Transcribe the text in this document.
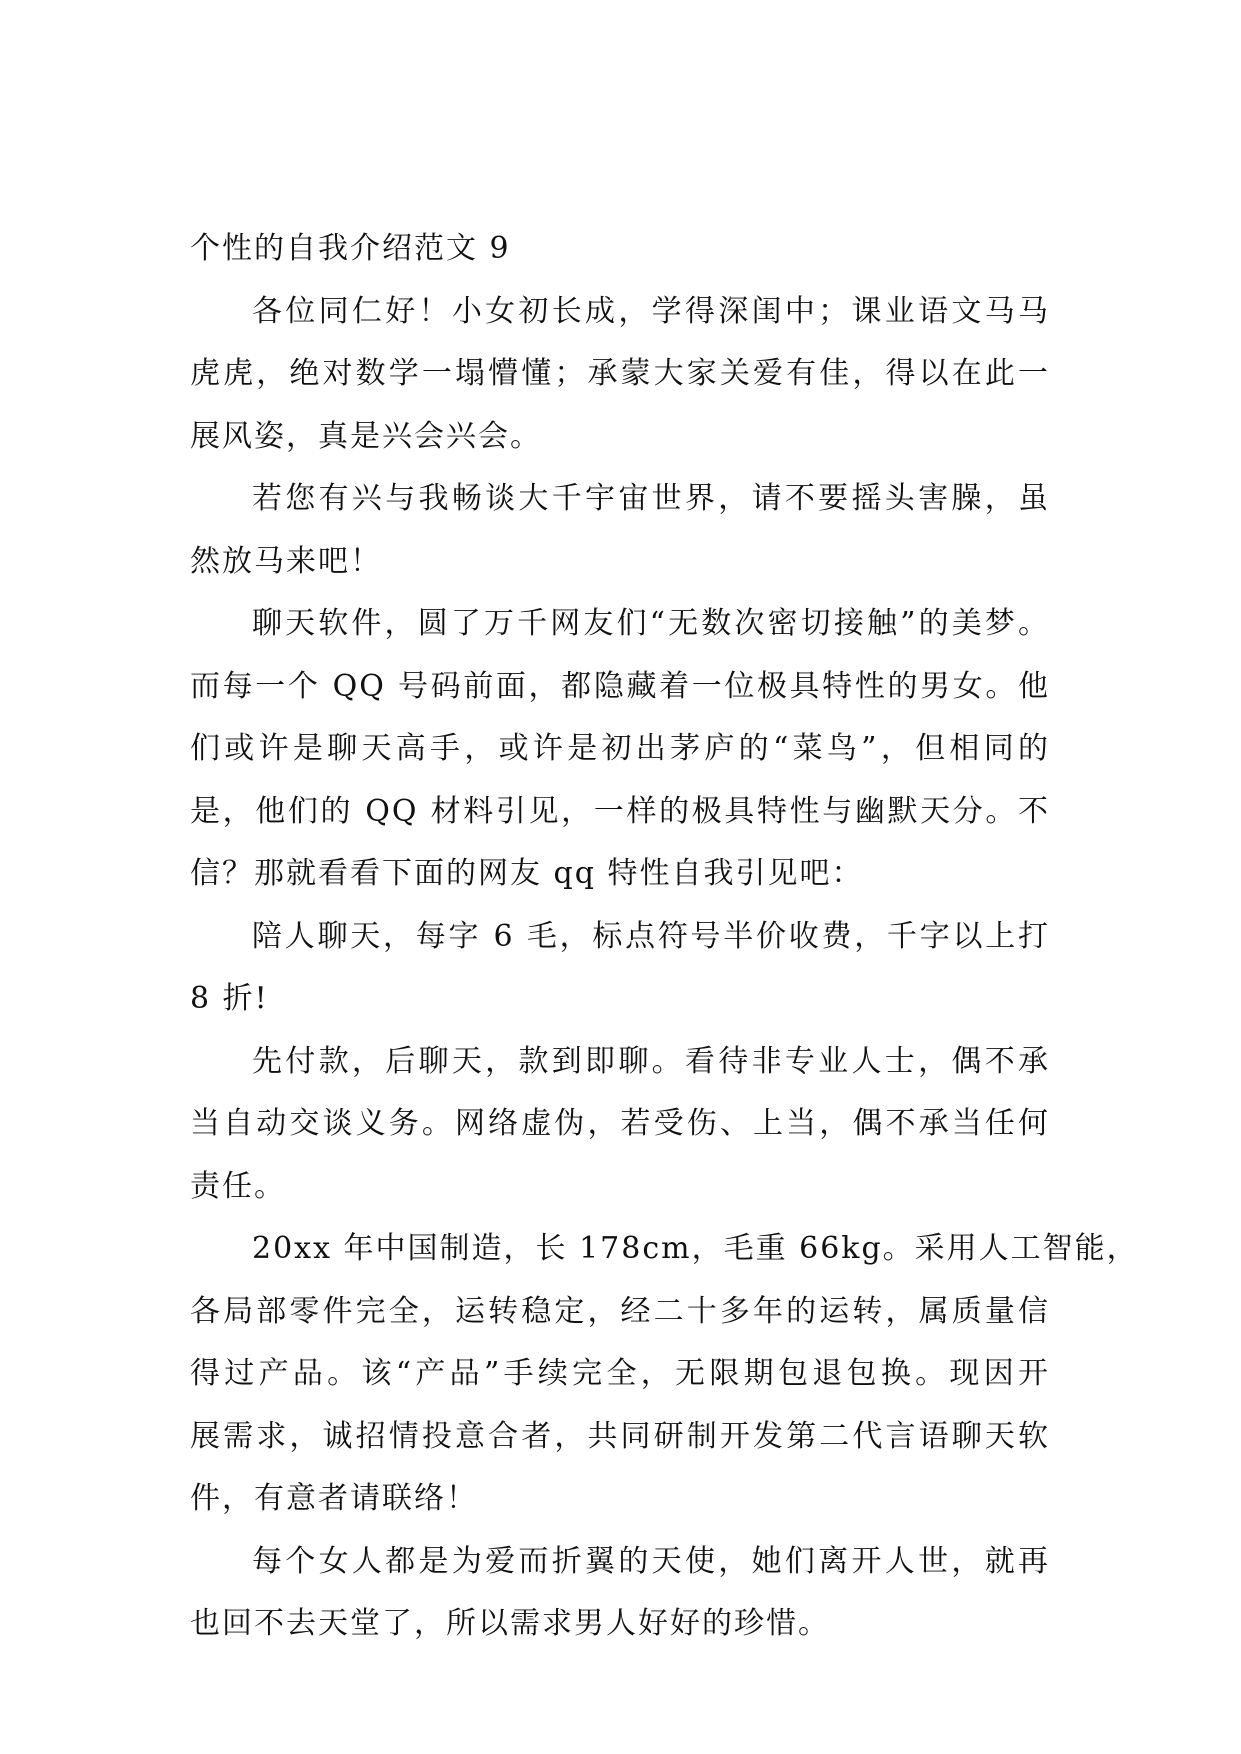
个性的自我介绍范文 9

各位同仁好！小女初长成，学得深闺中；课业语文马马
虎虎，绝对数学一塌懵懂；承蒙大家关爱有佳，得以在此一
展风姿，真是兴会兴会。

若您有兴与我畅谈大千宇宙世界，请不要摇头害臊，虽
然放马来吧！

聊天软件，圆了万千网友们“无数次密切接触”的美梦。
而每一个 QQ 号码前面，都隐藏着一位极具特性的男女。他
们或许是聊天高手，或许是初出茅庐的“菜鸟”，但相同的
是，他们的 QQ 材料引见，一样的极具特性与幽默天分。不
信？那就看看下面的网友 qq 特性自我引见吧：

陪人聊天，每字 6 毛，标点符号半价收费，千字以上打
8 折!

先付款，后聊天，款到即聊。看待非专业人士，偶不承
当自动交谈义务。网络虚伪，若受伤、上当，偶不承当任何
责任。

20xx 年中国制造，长 178cm，毛重 66kg。采用人工智能，
各局部零件完全，运转稳定，经二十多年的运转，属质量信
得过产品。该“产品”手续完全，无限期包退包换。现因开
展需求，诚招情投意合者，共同研制开发第二代言语聊天软
件，有意者请联络！

每个女人都是为爱而折翼的天使，她们离开人世，就再
也回不去天堂了，所以需求男人好好的珍惜。
